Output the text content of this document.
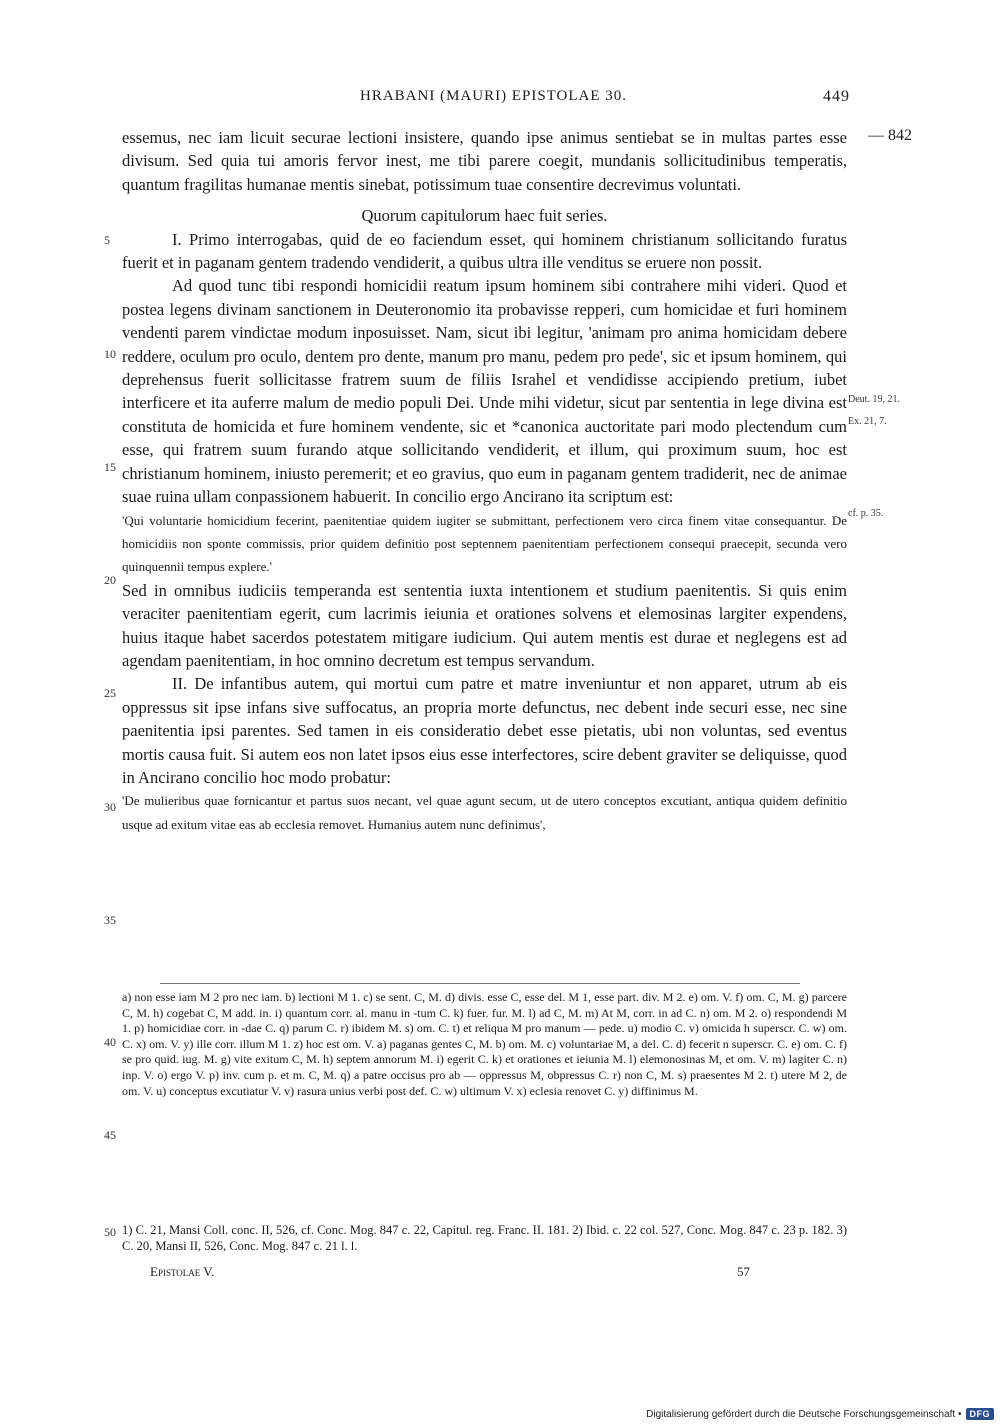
HRABANI (MAURI) EPISTOLAE 30.	449
— 842
5
10
15
20
25
30
35
40
45
50
Deut. 19, 21.
Ex. 21, 7.
cf. p. 35.

essemus, nec iam licuit securae lectioni insistere, quando ipse animus sentiebat se in multas partes esse divisum. Sed quia tui amoris fervor inest, me tibi parere coegit, mundanis sollicitudinibus temperatis, quantum fragilitas humanae mentis sinebat, potissimum tuae consentire decrevimus voluntati.

Quorum capitulorum haec fuit series.

I. Primo interrogabas, quid de eo faciendum esset, qui hominem christianum sollicitando furatus fuerit et in paganam gentem tradendo vendiderit, a quibus ultra ille venditus se eruere non possit.

Ad quod tunc tibi respondi homicidii reatum ipsum hominem sibi contrahere mihi videri. Quod et postea legens divinam sanctionem in Deuteronomio ita probavisse repperi, cum homicidae et furi hominem vendenti parem vindictae modum inposuisset. Nam, sicut ibi legitur, 'animam pro anima homicidam debere reddere, oculum pro oculo, dentem pro dente, manum pro manu, pedem pro pede', sic et ipsum hominem, qui deprehensus fuerit sollicitasse fratrem suum de filiis Israhel et vendidisse accipiendo pretium, iubet interficere et ita auferre malum de medio populi Dei. Unde mihi videtur, sicut par sententia in lege divina est constituta de homicida et fure hominem vendente, sic et *canonica auctoritate pari modo plectendum cum esse, qui fratrem suum furando atque sollicitando vendiderit, et illum, qui proximum suum, hoc est christianum hominem, iniusto peremerit; et eo gravius, quo eum in paganam gentem tradiderit, nec de animae suae ruina ullam conpassionem habuerit. In concilio ergo Ancirano ita scriptum est:

'Qui voluntarie homicidium fecerint, paenitentiae quidem iugiter se submittant, perfectionem vero circa finem vitae consequantur. De homicidiis non sponte commissis, prior quidem definitio post septennem paenitentiam perfectionem consequi praecepit, secunda vero quinquennii tempus explere.'

Sed in omnibus iudiciis temperanda est sententia iuxta intentionem et studium paenitentis. Si quis enim veraciter paenitentiam egerit, cum lacrimis ieiunia et orationes solvens et elemosinas largiter expendens, huius itaque habet sacerdos potestatem mitigare iudicium. Qui autem mentis est durae et neglegens est ad agendam paenitentiam, in hoc omnino decretum est tempus servandum.

II. De infantibus autem, qui mortui cum patre et matre inveniuntur et non apparet, utrum ab eis oppressus sit ipse infans sive suffocatus, an propria morte defunctus, nec debent inde securi esse, nec sine paenitentia ipsi parentes. Sed tamen in eis consideratio debet esse pietatis, ubi non voluntas, sed eventus mortis causa fuit. Si autem eos non latet ipsos eius esse interfectores, scire debent graviter se deliquisse, quod in Ancirano concilio hoc modo probatur:

'De mulieribus quae fornicantur et partus suos necant, vel quae agunt secum, ut de utero conceptos excutiant, antiqua quidem definitio usque ad exitum vitae eas ab ecclesia removet. Humanius autem nunc definimus',

a) non esse iam M 2 pro nec iam. b) lectioni M 1. c) se sent. C, M. d) divis. esse C, esse del. M 1, esse part. div. M 2. e) om. V. f) om. C, M. g) parcere C, M. h) cogebat C, M add. in. i) quantum corr. al. manu in -tum C. k) fuer. fur. M. l) ad C, M. m) At M, corr. in ad C. n) om. M 2. o) respondendi M 1. p) homicidiae corr. in -dae C. q) parum C. r) ibidem M. s) om. C. t) et reliqua M pro manum — pede. u) modio C. v) omicida h superscr. C. w) om. C. x) om. V. y) ille corr. illum M 1. z) hoc est om. V. a) paganas gentes C, M. b) om. M. c) voluntariae M, a del. C. d) fecerit n superscr. C. e) om. C. f) se pro quid. iug. M. g) vite exitum C, M. h) septem annorum M. i) egerit C. k) et orationes et ieiunia M. l) elemonosinas M, et om. V. m) lagiter C. n) inp. V. o) ergo V. p) inv. cum p. et m. C, M. q) a patre occisus pro ab — oppressus M, obpressus C. r) non C, M. s) praesentes M 2. t) utere M 2, de om. V. u) conceptus excutiatur V. v) rasura unius verbi post def. C. w) ultimum V. x) eclesia renovet C. y) diffinimus M.

1) C. 21, Mansi Coll. conc. II, 526, cf. Conc. Mog. 847 c. 22, Capitul. reg. Franc. II. 181. 2) Ibid. c. 22 col. 527, Conc. Mog. 847 c. 23 p. 182. 3) C. 20, Mansi II, 526, Conc. Mog. 847 c. 21 l. l.

Epistolae V.	57
Digitalisierung gefördert durch die Deutsche Forschungsgemeinschaft • DFG
